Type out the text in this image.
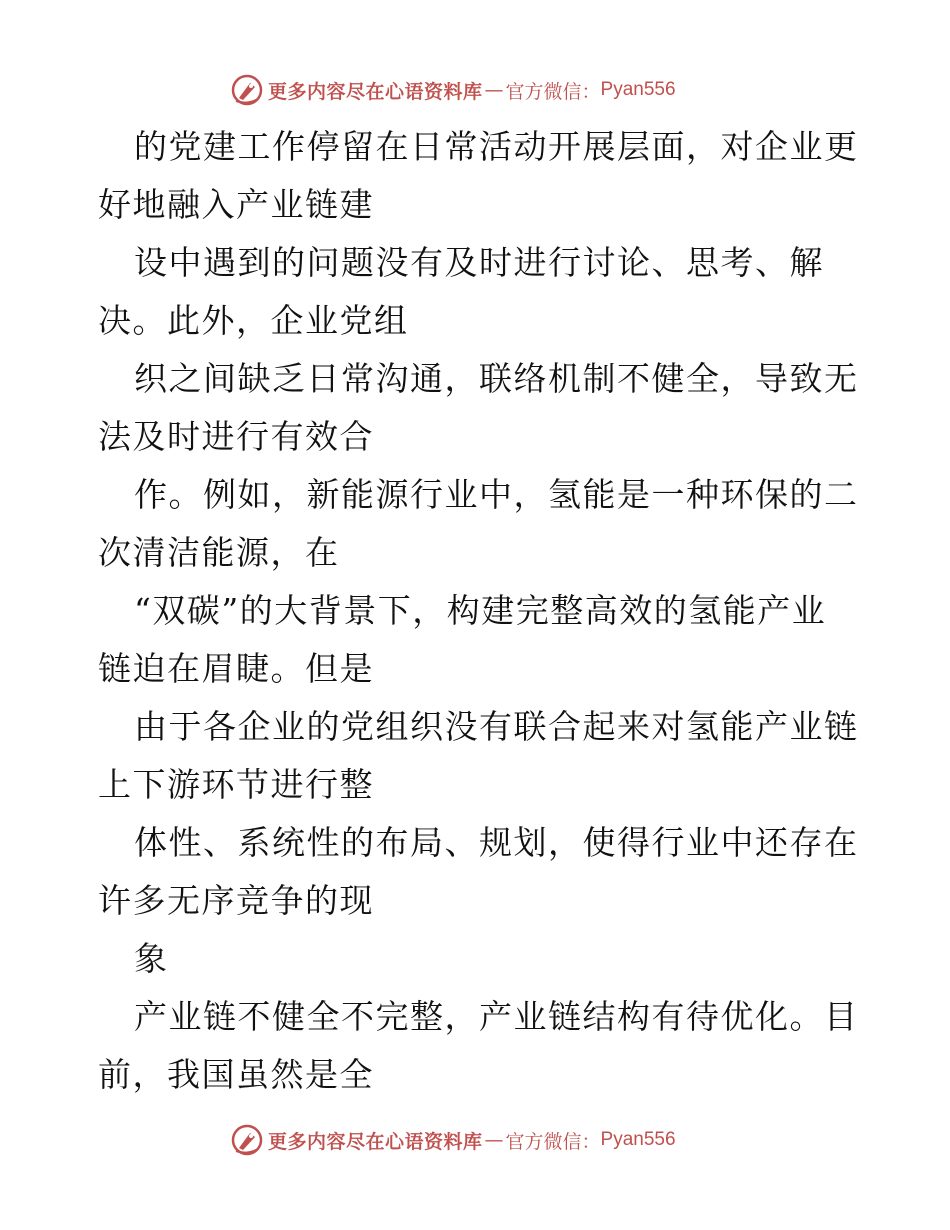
更多内容尽在心语资料库 — 官方微信： Pyan556
的党建工作停留在日常活动开展层面，对企业更
好地融入产业链建
设中遇到的问题没有及时进行讨论、思考、解
决。此外，企业党组
织之间缺乏日常沟通，联络机制不健全，导致无
法及时进行有效合
作。例如，新能源行业中，氢能是一种环保的二
次清洁能源，在
“双碳”的大背景下，构建完整高效的氢能产业
链迫在眉睫。但是
由于各企业的党组织没有联合起来对氢能产业链
上下游环节进行整
体性、系统性的布局、规划，使得行业中还存在
许多无序竞争的现
象
产业链不健全不完整，产业链结构有待优化。目
前，我国虽然是全
更多内容尽在心语资料库 — 官方微信： Pyan556
